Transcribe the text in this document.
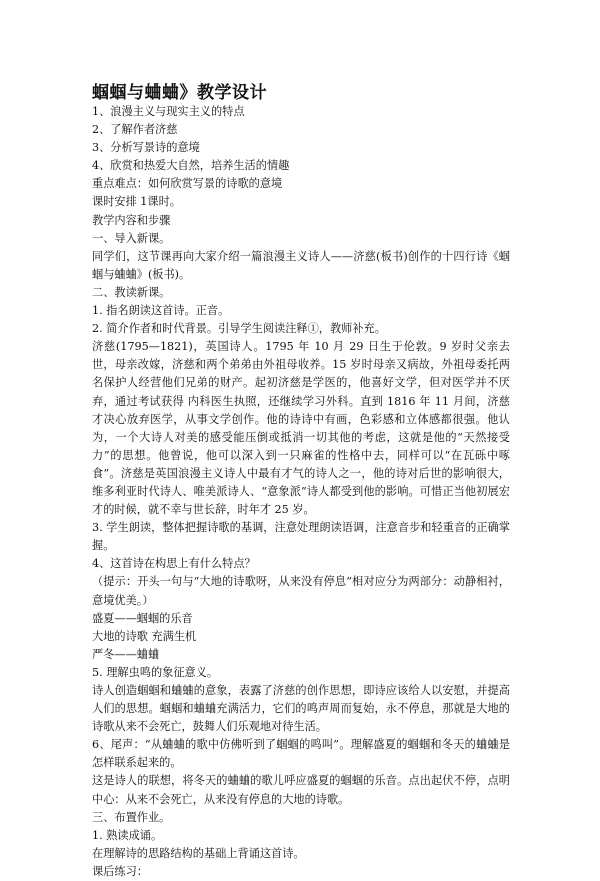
蝈蝈与蛐蛐》教学设计

1、浪漫主义与现实主义的特点

2、了解作者济慈

3、分析写景诗的意境

4、欣赏和热爱大自然，培养生活的情趣

重点难点：如何欣赏写景的诗歌的意境

课时安排 1课时。

教学内容和步骤

一、导入新课。

同学们，这节课再向大家介绍一篇浪漫主义诗人——济慈(板书)创作的十四行诗《蝈蝈与蛐蛐》(板书)。

二、教读新课。

1. 指名朗读这首诗。正音。

2. 简介作者和时代背景。引导学生阅读注释①，教师补充。

济慈(1795—1821)，英国诗人。1795 年 10 月 29 日生于伦敦。9 岁时父亲去世，母亲改嫁，济慈和两个弟弟由外祖母收养。15 岁时母亲又病故，外祖母委托两名保护人经营他们兄弟的财产。起初济慈是学医的，他喜好文学，但对医学并不厌弃，通过考试获得 内科医生执照，还继续学习外科。直到 1816 年 11 月间，济慈才决心放弃医学，从事文学创作。他的诗诗中有画，色彩感和立体感都很强。他认为，一个大诗人对美的感受能压倒或抵消一切其他的考虑，这就是他的“天然接受力”的思想。他曾说，他可以深入到一只麻雀的性格中去，同样可以“在瓦砾中啄食”。济慈是英国浪漫主义诗人中最有才气的诗人之一，他的诗对后世的影响很大，维多利亚时代诗人、唯美派诗人、“意象派”诗人都受到他的影响。可惜正当他初展宏才的时候，就不幸与世长辞，时年才 25 岁。

3. 学生朗读，整体把握诗歌的基调，注意处理朗读语调，注意音步和轻重音的正确掌握。

4、这首诗在构思上有什么特点？

（提示：开头一句与“大地的诗歌呀，从来没有停息“相对应分为两部分：动静相衬，意境优美。）

盛夏——蝈蝈的乐音

大地的诗歌 充满生机

严冬——蛐蛐

5. 理解虫鸣的象征意义。

诗人创造蝈蝈和蛐蛐的意象，表露了济慈的创作思想，即诗应该给人以安慰，并提高人们的思想。蝈蝈和蛐蛐充满活力，它们的鸣声周而复始，永不停息，那就是大地的诗歌从来不会死亡，鼓舞人们乐观地对待生活。

6、尾声：“从蛐蛐的歌中仿佛听到了蝈蝈的鸣叫”。理解盛夏的蝈蝈和冬天的蛐蛐是怎样联系起来的。

这是诗人的联想，将冬天的蛐蛐的歌儿呼应盛夏的蝈蝈的乐音。点出起伏不停，点明中心：从来不会死亡，从来没有停息的大地的诗歌。

三、布置作业。

1. 熟读成诵。

在理解诗的思路结构的基础上背诵这首诗。

课后练习：
